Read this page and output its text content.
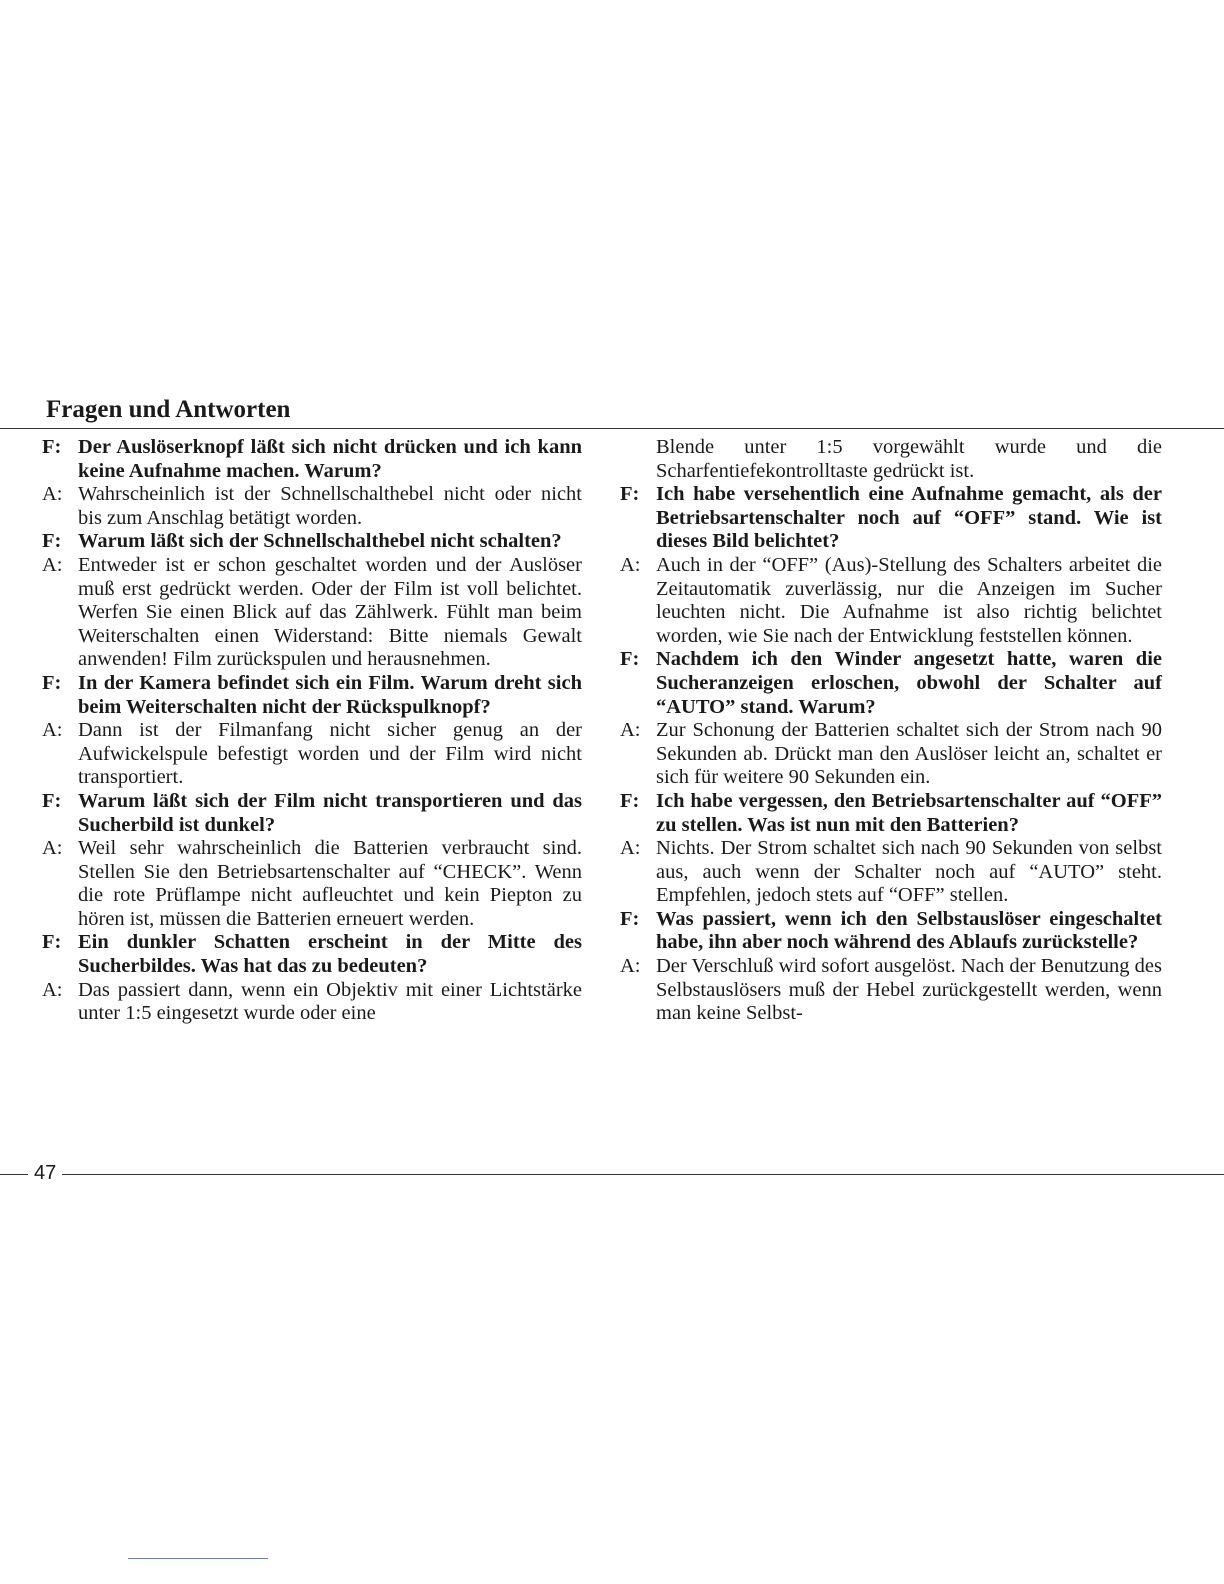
Fragen und Antworten
F: Der Auslöserknopf läßt sich nicht drücken und ich kann keine Aufnahme machen. Warum?
A: Wahrscheinlich ist der Schnellschalthebel nicht oder nicht bis zum Anschlag betätigt worden.
F: Warum läßt sich der Schnellschalthebel nicht schalten?
A: Entweder ist er schon geschaltet worden und der Auslöser muß erst gedrückt werden. Oder der Film ist voll belichtet. Werfen Sie einen Blick auf das Zählwerk. Fühlt man beim Weiterschalten einen Widerstand: Bitte niemals Gewalt anwenden! Film zurückspulen und herausnehmen.
F: In der Kamera befindet sich ein Film. Warum dreht sich beim Weiterschalten nicht der Rückspulknopf?
A: Dann ist der Filmanfang nicht sicher genug an der Aufwickelspule befestigt worden und der Film wird nicht transportiert.
F: Warum läßt sich der Film nicht transportieren und das Sucherbild ist dunkel?
A: Weil sehr wahrscheinlich die Batterien verbraucht sind. Stellen Sie den Betriebsartenschalter auf “CHECK”. Wenn die rote Prüflampe nicht aufleuchtet und kein Piepton zu hören ist, müssen die Batterien erneuert werden.
F: Ein dunkler Schatten erscheint in der Mitte des Sucherbildes. Was hat das zu bedeuten?
A: Das passiert dann, wenn ein Objektiv mit einer Lichtstärke unter 1:5 eingesetzt wurde oder eine

Blende unter 1:5 vorgewählt wurde und die Scharfentiefekontrolltaste gedrückt ist.

F: Ich habe versehentlich eine Aufnahme gemacht, als der Betriebsartenschalter noch auf “OFF” stand. Wie ist dieses Bild belichtet?
A: Auch in der “OFF” (Aus)-Stellung des Schalters arbeitet die Zeitautomatik zuverlässig, nur die Anzeigen im Sucher leuchten nicht. Die Aufnahme ist also richtig belichtet worden, wie Sie nach der Entwicklung feststellen können.
F: Nachdem ich den Winder angesetzt hatte, waren die Sucheranzeigen erloschen, obwohl der Schalter auf “AUTO” stand. Warum?
A: Zur Schonung der Batterien schaltet sich der Strom nach 90 Sekunden ab. Drückt man den Auslöser leicht an, schaltet er sich für weitere 90 Sekunden ein.
F: Ich habe vergessen, den Betriebsartenschalter auf “OFF” zu stellen. Was ist nun mit den Batterien?
A: Nichts. Der Strom schaltet sich nach 90 Sekunden von selbst aus, auch wenn der Schalter noch auf “AUTO” steht. Empfehlen, jedoch stets auf “OFF” stellen.
F: Was passiert, wenn ich den Selbstauslöser eingeschaltet habe, ihn aber noch während des Ablaufs zurückstelle?
A: Der Verschluß wird sofort ausgelöst. Nach der Benutzung des Selbstauslösers muß der Hebel zurückgestellt werden, wenn man keine Selbst-
47
